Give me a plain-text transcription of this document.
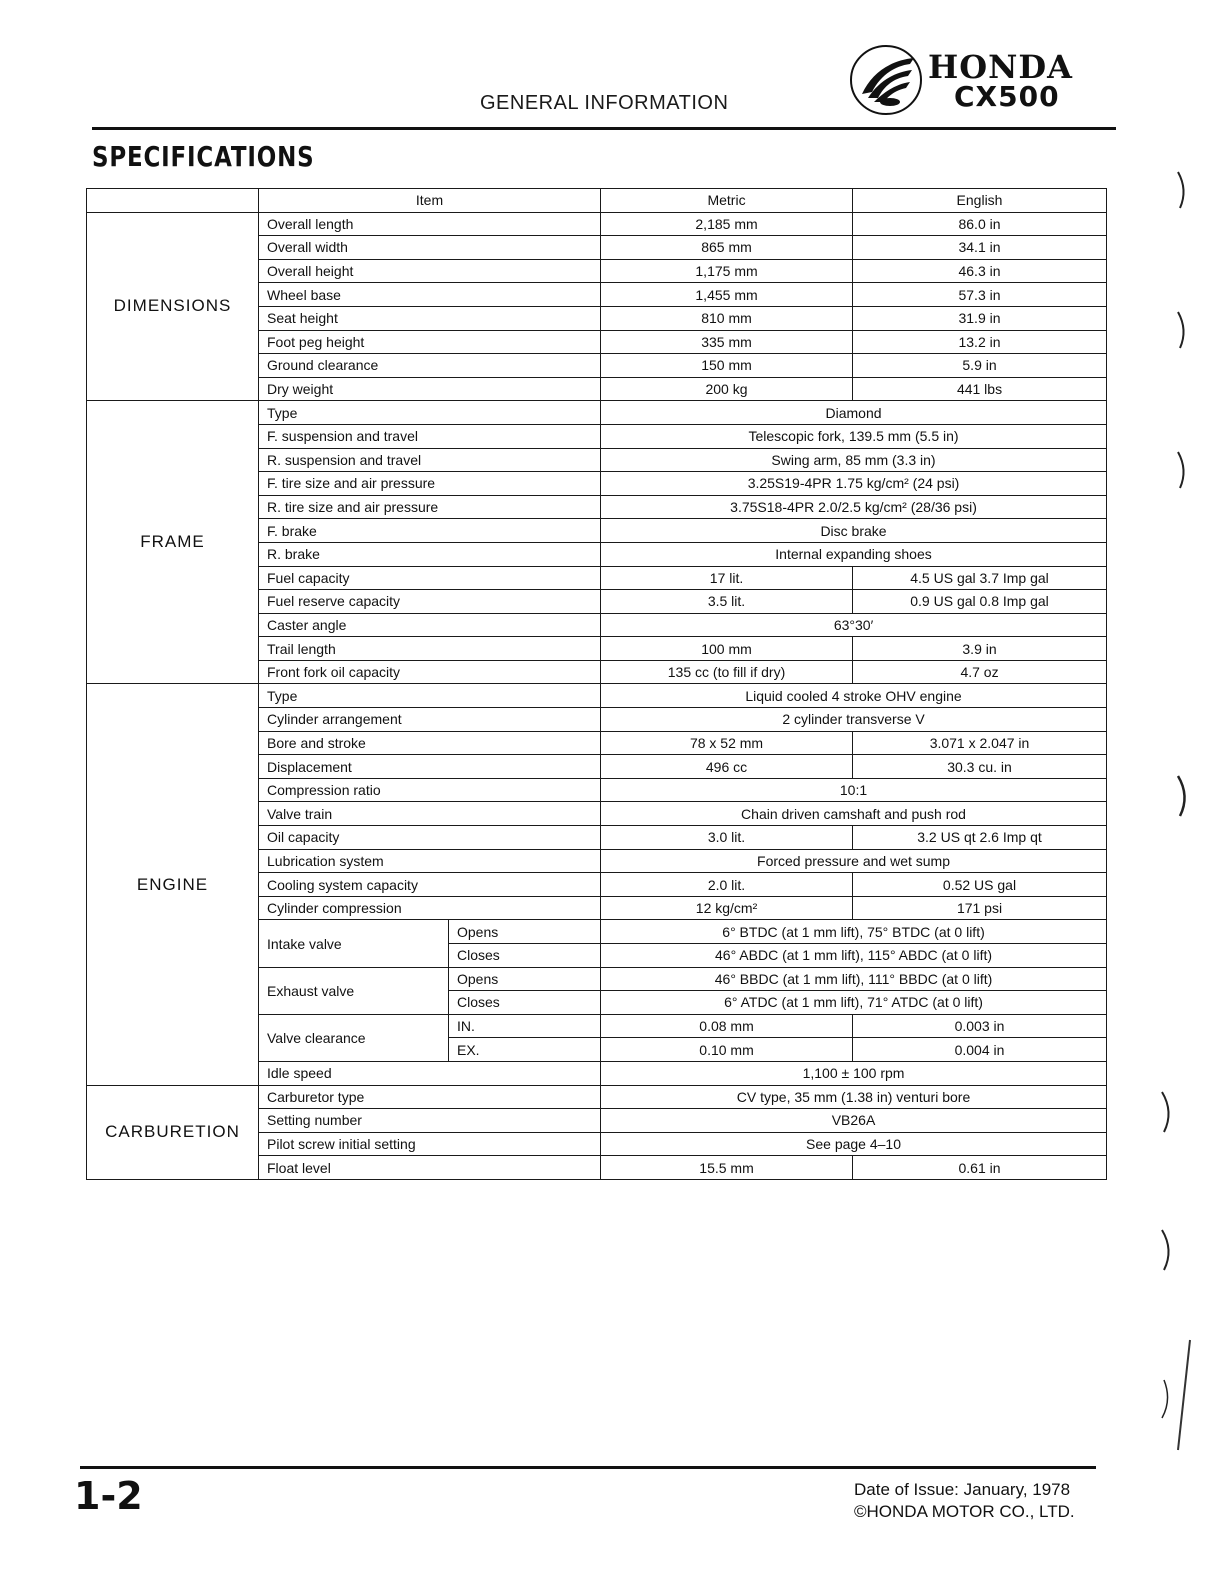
GENERAL INFORMATION
HONDA
CX500
SPECIFICATIONS
	Item		Metric	English
DIMENSIONS	Overall length		2,185 mm	86.0 in
	Overall width		865 mm	34.1 in
	Overall height		1,175 mm	46.3 in
	Wheel base		1,455 mm	57.3 in
	Seat height		810 mm	31.9 in
	Foot peg height		335 mm	13.2 in
	Ground clearance		150 mm	5.9 in
	Dry weight		200 kg	441 lbs
FRAME	Type		Diamond	
	F. suspension and travel		Telescopic fork, 139.5 mm (5.5 in)	
	R. suspension and travel		Swing arm, 85 mm (3.3 in)	
	F. tire size and air pressure		3.25S19-4PR 1.75 kg/cm² (24 psi)	
	R. tire size and air pressure		3.75S18-4PR 2.0/2.5 kg/cm² (28/36 psi)	
	F. brake		Disc brake	
	R. brake		Internal expanding shoes	
	Fuel capacity		17 lit.	4.5 US gal 3.7 Imp gal
	Fuel reserve capacity		3.5 lit.	0.9 US gal 0.8 Imp gal
	Caster angle		63°30′	
	Trail length		100 mm	3.9 in
	Front fork oil capacity		135 cc (to fill if dry)	4.7 oz
ENGINE	Type		Liquid cooled 4 stroke OHV engine	
	Cylinder arrangement		2 cylinder transverse V	
	Bore and stroke		78 x 52 mm	3.071 x 2.047 in
	Displacement		496 cc	30.3 cu. in
	Compression ratio		10:1	
	Valve train		Chain driven camshaft and push rod	
	Oil capacity		3.0 lit.	3.2 US qt 2.6 Imp qt
	Lubrication system		Forced pressure and wet sump	
	Cooling system capacity		2.0 lit.	0.52 US gal
	Cylinder compression		12 kg/cm²	171 psi
	Intake valve	Opens	6° BTDC (at 1 mm lift), 75° BTDC (at 0 lift)	
		Closes	46° ABDC (at 1 mm lift), 115° ABDC (at 0 lift)	
	Exhaust valve	Opens	46° BBDC (at 1 mm lift), 111° BBDC (at 0 lift)	
		Closes	6° ATDC (at 1 mm lift), 71° ATDC (at 0 lift)	
	Valve clearance	IN.	0.08 mm	0.003 in
		EX.	0.10 mm	0.004 in
	Idle speed		1,100 ± 100 rpm	
CARBURETION	Carburetor type		CV type, 35 mm (1.38 in) venturi bore	
	Setting number		VB26A	
	Pilot screw initial setting		See page 4–10	
	Float level		15.5 mm	0.61 in
1-2	Date of Issue: January, 1978
©HONDA MOTOR CO., LTD.
